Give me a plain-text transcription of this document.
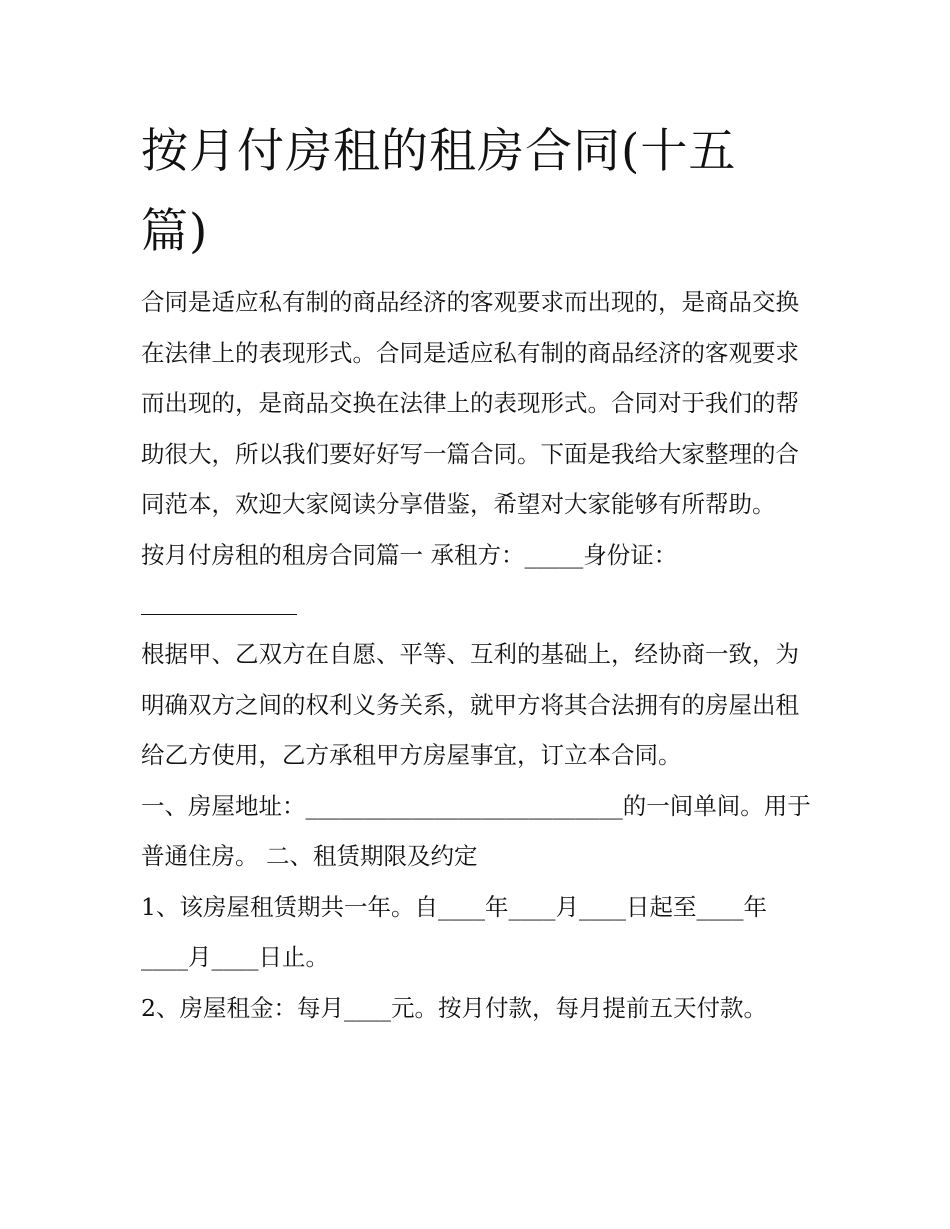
按月付房租的租房合同(十五篇)

合同是适应私有制的商品经济的客观要求而出现的，是商品交换在法律上的表现形式。合同是适应私有制的商品经济的客观要求而出现的，是商品交换在法律上的表现形式。合同对于我们的帮助很大，所以我们要好好写一篇合同。下面是我给大家整理的合同范本，欢迎大家阅读分享借鉴，希望对大家能够有所帮助。

按月付房租的租房合同篇一 承租方：_____身份证：

根据甲、乙双方在自愿、平等、互利的基础上，经协商一致，为明确双方之间的权利义务关系，就甲方将其合法拥有的房屋出租给乙方使用，乙方承租甲方房屋事宜，订立本合同。

一、房屋地址：___________________________的一间单间。用于普通住房。 二、租赁期限及约定

1、该房屋租赁期共一年。自____年____月____日起至____年____月____日止。

2、房屋租金：每月____元。按月付款，每月提前五天付款。
